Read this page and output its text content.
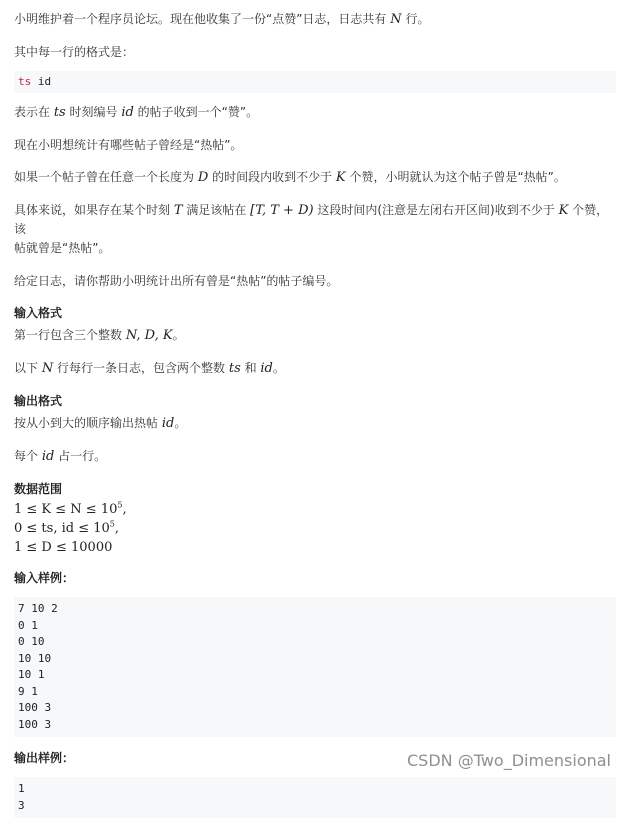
小明维护着一个程序员论坛。现在他收集了一份“点赞”日志，日志共有 N 行。

其中每一行的格式是：

ts id

表示在 ts 时刻编号 id 的帖子收到一个“赞”。

现在小明想统计有哪些帖子曾经是“热帖”。

如果一个帖子曾在任意一个长度为 D 的时间段内收到不少于 K 个赞，小明就认为这个帖子曾是“热帖”。

具体来说，如果存在某个时刻 T 满足该帖在 [T, T + D) 这段时间内(注意是左闭右开区间)收到不少于 K 个赞，该
帖就曾是“热帖”。

给定日志，请你帮助小明统计出所有曾是“热帖”的帖子编号。

输入格式

第一行包含三个整数 N, D, K。

以下 N 行每行一条日志，包含两个整数 ts 和 id。

输出格式

按从小到大的顺序输出热帖 id。

每个 id 占一行。

数据范围

$1 \le K \le N \le 10^5$,
0 ≤ ts, id ≤ $10^5$,
1 ≤ D ≤ 10000

输入样例：

7 10 2
0 1
0 10
10 10
10 1
9 1
100 3
100 3

输出样例：

1
3
CSDN @Two_Dimensional
